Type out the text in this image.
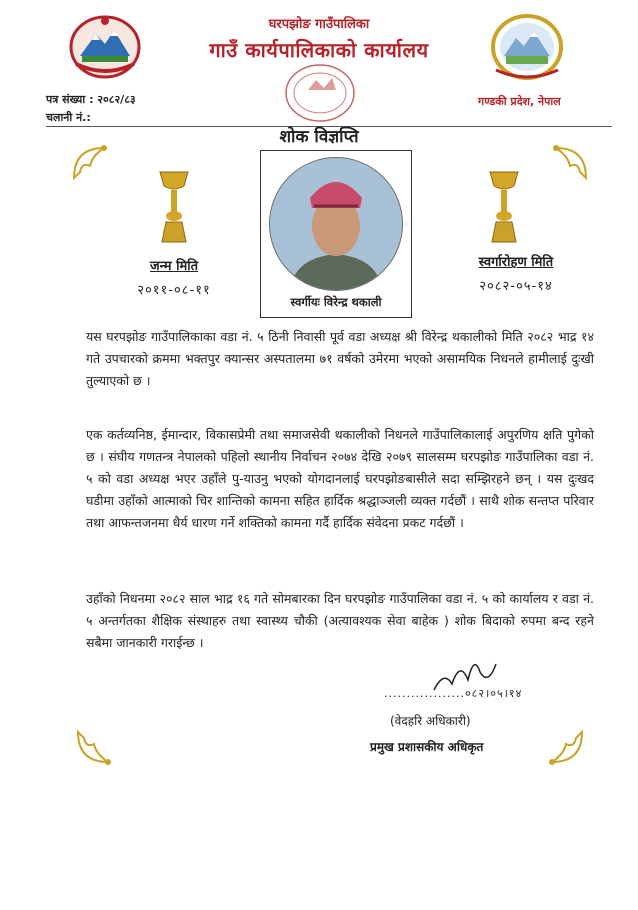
घरपझोङ गाउँपालिका
गाउँ कार्यपालिकाको कार्यालय
पत्र संख्या : २०८२/८३
चलानी नं.:
गण्डकी प्रदेश, नेपाल
शोक विज्ञप्ति
जन्म मिति
२०११-०८-११
स्वर्गारोहण मिति
२०८२-०५-१४
स्वर्गीयः विरेन्द्र थकाली
यस घरपझोङ गाउँपालिकाका वडा नं. ५ ठिनी निवासी पूर्व वडा अध्यक्ष श्री विरेन्द्र थकालीको मिति २०८२ भाद्र १४ गते उपचारको क्रममा भक्तपुर क्यान्सर अस्पतालमा ७१ वर्षको उमेरमा भएको असामयिक निधनले हामीलाई दुःखी तुल्याएको छ ।
एक कर्तव्यनिष्ठ, ईमान्दार, विकासप्रेमी तथा समाजसेवी थकालीको निधनले गाउँपालिकालाई अपुरणिय क्षति पुगेको छ । संघीय गणतन्त्र नेपालको पहिलो स्थानीय निर्वाचन २०७४ देखि २०७९ सालसम्म घरपझोङ गाउँपालिका वडा नं. ५ को वडा अध्यक्ष भएर उहाँले पु-याउनु भएको योगदानलाई घरपझोङबासीले सदा सम्झिरहने छन् । यस दुःखद घडीमा उहाँको आत्माको चिर शान्तिको कामना सहित हार्दिक श्रद्धाञ्जली व्यक्त गर्दछौं । साथै शोक सन्तप्त परिवार तथा आफन्तजनमा धैर्य धारण गर्ने शक्तिको कामना गर्दै हार्दिक संवेदना प्रकट गर्दछौं ।
उहाँको निधनमा २०८२ साल भाद्र १६ गते सोमबारका दिन घरपझोङ गाउँपालिका वडा नं. ५ को कार्यालय र वडा नं. ५ अन्तर्गतका शैक्षिक संस्थाहरु तथा स्वास्थ्य चौकी (अत्यावश्यक सेवा बाहेक ) शोक बिदाको रुपमा बन्द रहने सबैमा जानकारी गराईन्छ ।
..................०८२।०५।१४
(वेदहरि अधिकारी)
प्रमुख प्रशासकीय अधिकृत
